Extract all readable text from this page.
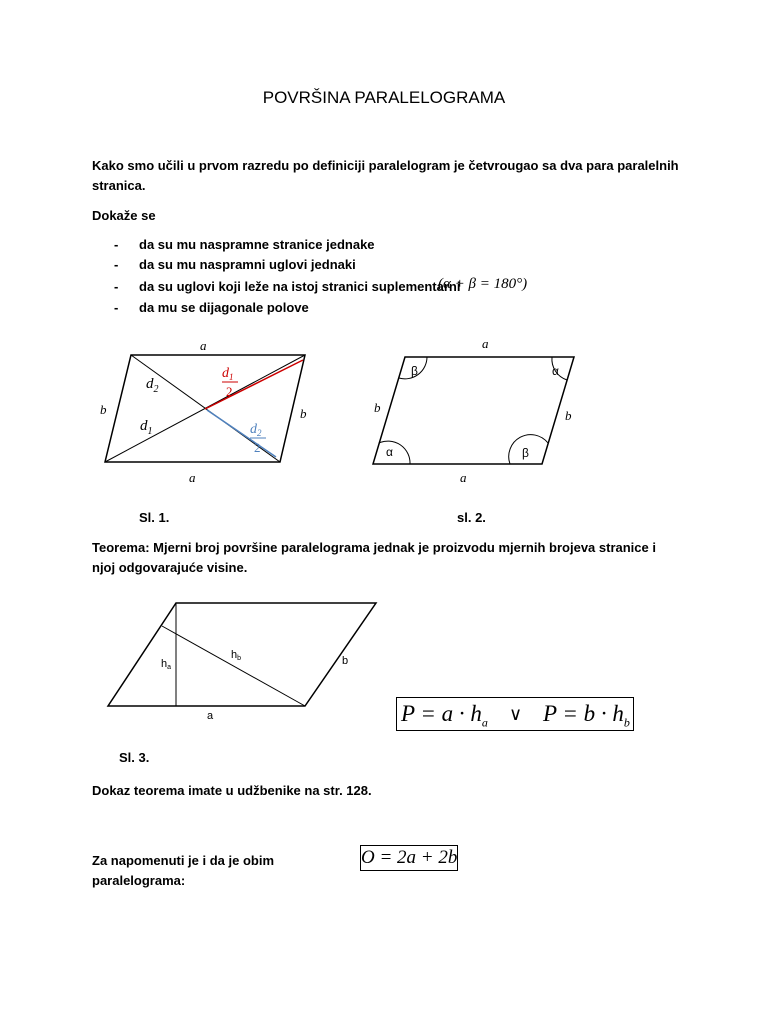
POVRŠINA PARALELOGRAMA
Kako smo učili u prvom razredu po definiciji paralelogram je četvrougao sa dva para paralelnih stranica.
Dokaže se
- da su mu naspramne stranice jednake
- da su mu naspramni uglovi jednaki
- da su uglovi koji leže na istoj stranici suplementarni
(α + β = 180°)
- da mu se dijagonale polove
a
a
b	b
$d_2$
$d_1$
$d_1$
2
$d_2$
2
Sl. 1.
a
a
b
b
β	α
α	β
sl. 2.
Teorema: Mjerni broj površine paralelograma jednak je proizvodu mjernih brojeva stranice i njoj odgovarajuće visine.
ha
hb
a
b
$P = a \cdot h_a$ ∨ $P = b \cdot h_b$
Sl. 3.
Dokaz teorema imate u udžbenike na str. 128.
Za napomenuti je i da je obim paralelograma:
O = 2a + 2b
